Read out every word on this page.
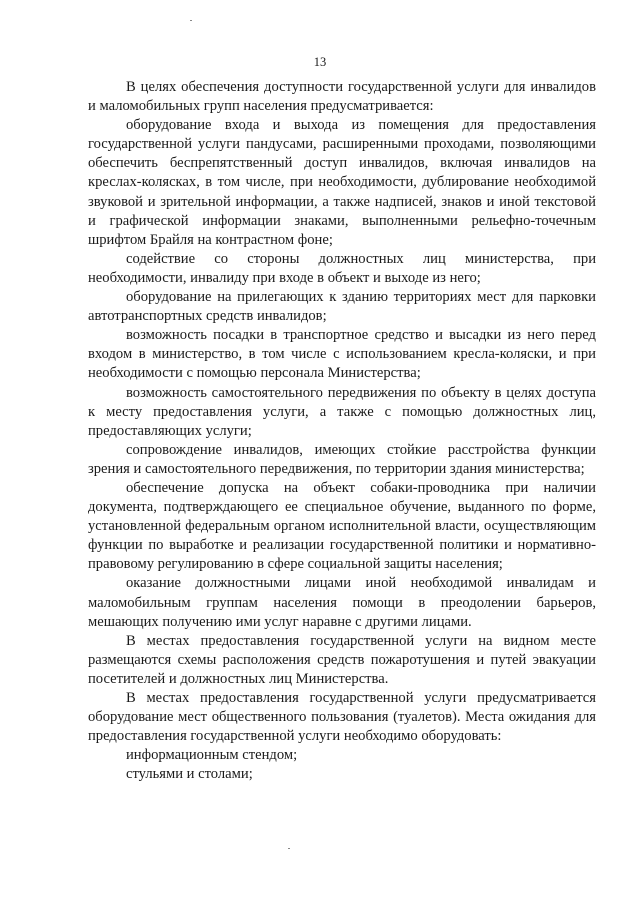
13

В целях обеспечения доступности государственной услуги для инвалидов и маломобильных групп населения предусматривается:

оборудование входа и выхода из помещения для предоставления государственной услуги пандусами, расширенными проходами, позволяющими обеспечить беспрепятственный доступ инвалидов, включая инвалидов на креслах-колясках, в том числе, при необходимости, дублирование необходимой звуковой и зрительной информации, а также надписей, знаков и иной текстовой и графической информации знаками, выполненными рельефно-точечным шрифтом Брайля на контрастном фоне;

содействие со стороны должностных лиц министерства, при необходимости, инвалиду при входе в объект и выходе из него;

оборудование на прилегающих к зданию территориях мест для парковки автотранспортных средств инвалидов;

возможность посадки в транспортное средство и высадки из него перед входом в министерство, в том числе с использованием кресла-коляски, и при необходимости с помощью персонала Министерства;

возможность самостоятельного передвижения по объекту в целях доступа к месту предоставления услуги, а также с помощью должностных лиц, предоставляющих услуги;

сопровождение инвалидов, имеющих стойкие расстройства функции зрения и самостоятельного передвижения, по территории здания министерства;

обеспечение допуска на объект собаки-проводника при наличии документа, подтверждающего ее специальное обучение, выданного по форме, установленной федеральным органом исполнительной власти, осуществляющим функции по выработке и реализации государственной политики и нормативно-правовому регулированию в сфере социальной защиты населения;

оказание должностными лицами иной необходимой инвалидам и маломобильным группам населения помощи в преодолении барьеров, мешающих получению ими услуг наравне с другими лицами.

В местах предоставления государственной услуги на видном месте размещаются схемы расположения средств пожаротушения и путей эвакуации посетителей и должностных лиц Министерства.

В местах предоставления государственной услуги предусматривается оборудование мест общественного пользования (туалетов). Места ожидания для предоставления государственной услуги необходимо оборудовать:

информационным стендом;

стульями и столами;
